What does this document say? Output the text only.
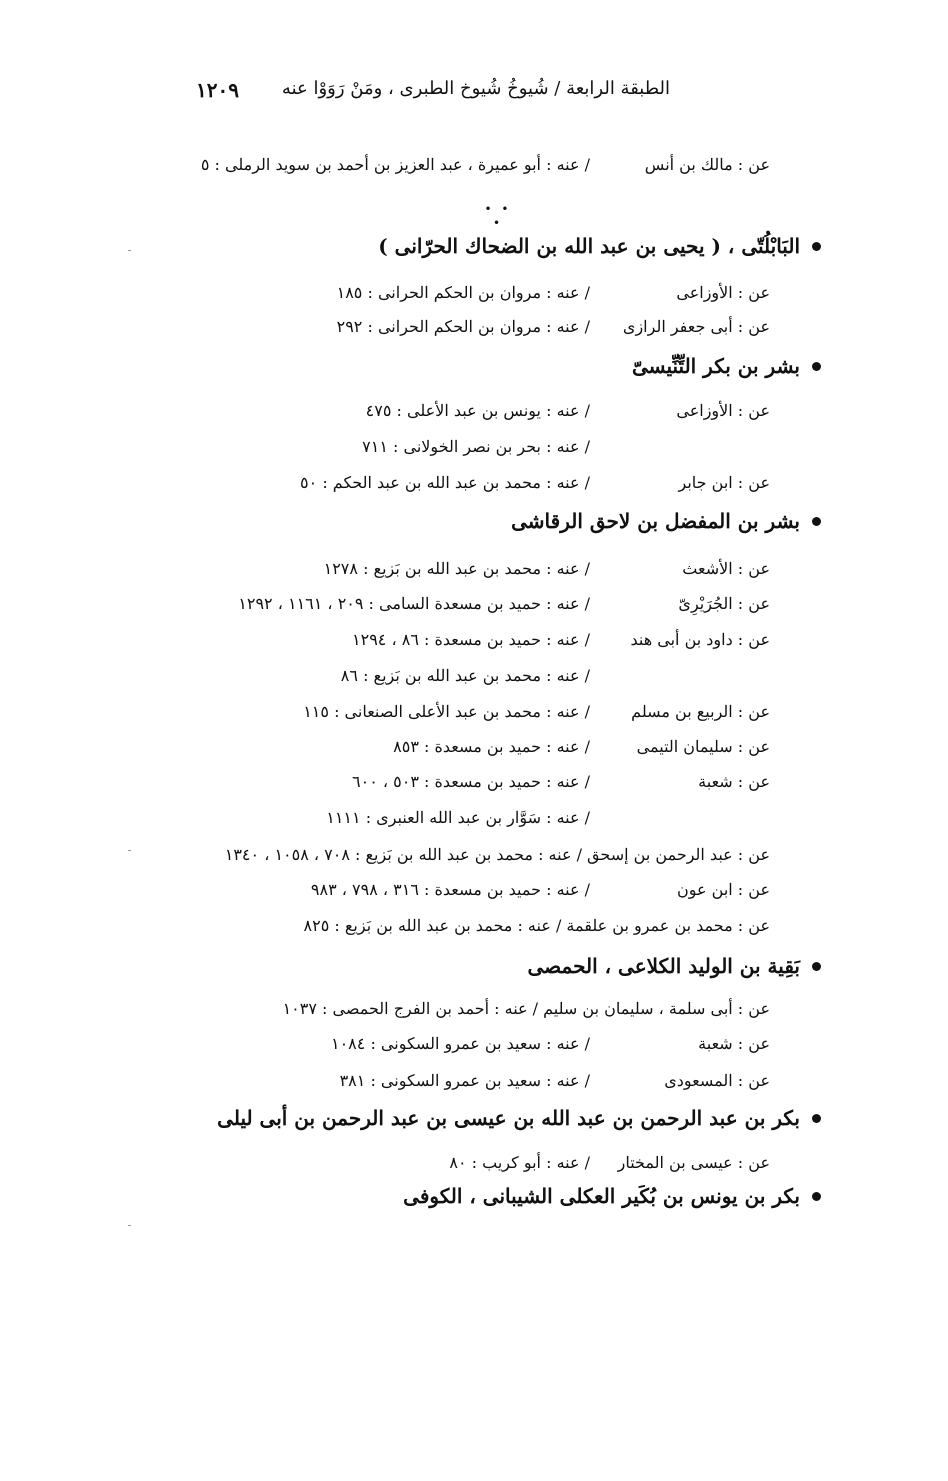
الطبقة الرابعة / شُيوخُ شُيوخ الطبرى ، ومَنْ رَوَوْا عنه
١٢٠٩
عن : مالك بن أنس
/ عنه : أبو عميرة ، عبد العزيز بن أحمد بن سويد الرملى : ٥
• • •
البَابْلُتّى ، ( يحيى بن عبد الله بن الضحاك الحرّانى )
عن : الأوزاعى
/ عنه : مروان بن الحكم الحرانى : ١٨٥
عن : أبى جعفر الرازى
/ عنه : مروان بن الحكم الحرانى : ٢٩٢
بشر بن بكر التِّنِّيسىّ
عن : الأوزاعى
/ عنه : يونس بن عبد الأعلى : ٤٧٥
/ عنه : بحر بن نصر الخولانى : ٧١١
عن : ابن جابر
/ عنه : محمد بن عبد الله بن عبد الحكم : ٥٠
بشر بن المفضل بن لاحق الرقاشى
عن : الأشعث
/ عنه : محمد بن عبد الله بن بَزيع : ١٢٧٨
عن : الجُرَيْرِىّ
/ عنه : حميد بن مسعدة السامى : ٢٠٩ ، ١١٦١ ، ١٢٩٢
عن : داود بن أبى هند
/ عنه : حميد بن مسعدة : ٨٦ ، ١٢٩٤
/ عنه : محمد بن عبد الله بن بَزيع : ٨٦
عن : الربيع بن مسلم
/ عنه : محمد بن عبد الأعلى الصنعانى : ١١٥
عن : سليمان التيمى
/ عنه : حميد بن مسعدة : ٨٥٣
عن : شعبة
/ عنه : حميد بن مسعدة : ٥٠٣ ، ٦٠٠
/ عنه : سَوَّار بن عبد الله العنبرى : ١١١١
عن : عبد الرحمن بن إسحق / عنه : محمد بن عبد الله بن بَزيع : ٧٠٨ ، ١٠٥٨ ، ١٣٤٠
عن : ابن عون
/ عنه : حميد بن مسعدة : ٣١٦ ، ٧٩٨ ، ٩٨٣
عن : محمد بن عمرو بن علقمة / عنه : محمد بن عبد الله بن بَزيع : ٨٢٥
بَقِية بن الوليد الكلاعى ، الحمصى
عن : أبى سلمة ، سليمان بن سليم / عنه : أحمد بن الفرج الحمصى : ١٠٣٧
عن : شعبة
/ عنه : سعيد بن عمرو السكونى : ١٠٨٤
عن : المسعودى
/ عنه : سعيد بن عمرو السكونى : ٣٨١
بكر بن عبد الرحمن بن عبد الله بن عيسى بن عبد الرحمن بن أبى ليلى
عن : عيسى بن المختار
/ عنه : أبو كريب : ٨٠
بكر بن يونس بن بُكَير العكلى الشيبانى ، الكوفى
